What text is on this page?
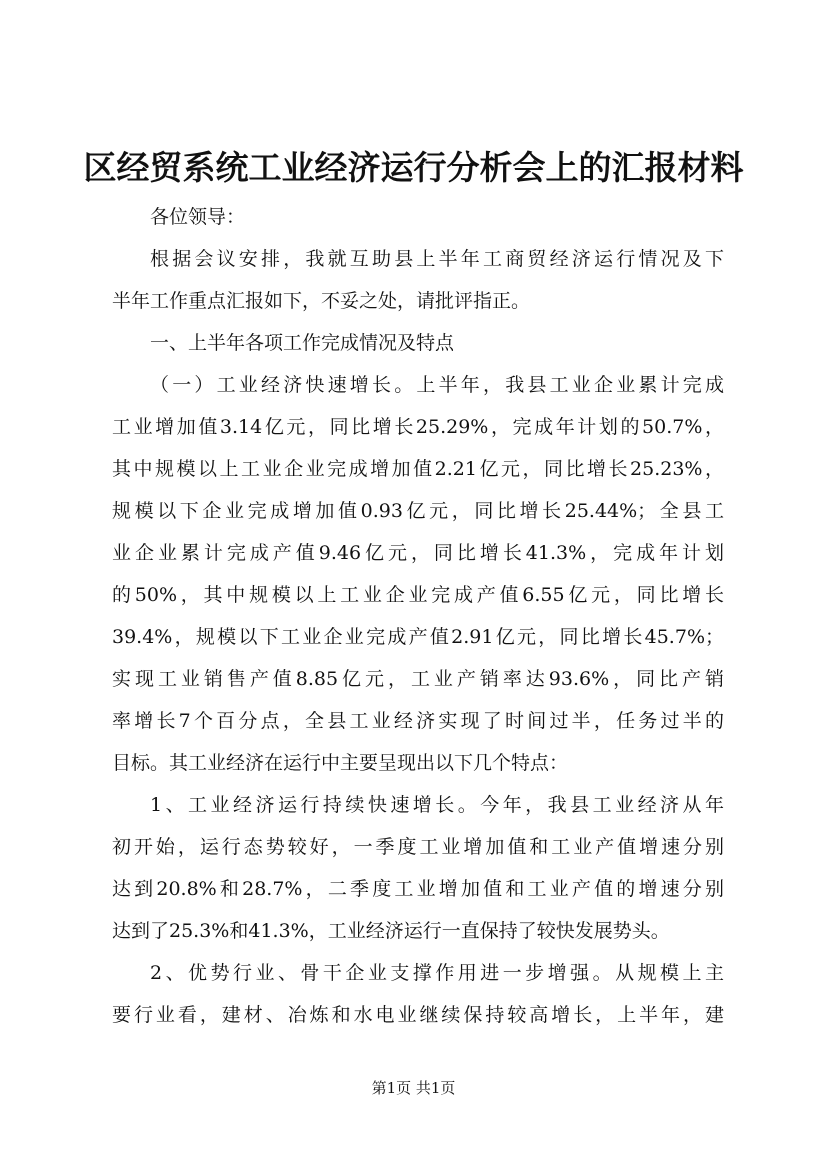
区经贸系统工业经济运行分析会上的汇报材料
各位领导：
根据会议安排，我就互助县上半年工商贸经济运行情况及下
半年工作重点汇报如下，不妥之处，请批评指正。
一、上半年各项工作完成情况及特点
（一）工业经济快速增长。上半年，我县工业企业累计完成
工业增加值3.14亿元，同比增长25.29%，完成年计划的50.7%，
其中规模以上工业企业完成增加值2.21亿元，同比增长25.23%，
规模以下企业完成增加值0.93亿元，同比增长25.44%；全县工
业企业累计完成产值9.46亿元，同比增长41.3%，完成年计划
的50%，其中规模以上工业企业完成产值6.55亿元，同比增长
39.4%，规模以下工业企业完成产值2.91亿元，同比增长45.7%；
实现工业销售产值8.85亿元，工业产销率达93.6%，同比产销
率增长7个百分点，全县工业经济实现了时间过半，任务过半的
目标。其工业经济在运行中主要呈现出以下几个特点：
1、工业经济运行持续快速增长。今年，我县工业经济从年
初开始，运行态势较好，一季度工业增加值和工业产值增速分别
达到20.8%和28.7%，二季度工业增加值和工业产值的增速分别
达到了25.3%和41.3%，工业经济运行一直保持了较快发展势头。
2、优势行业、骨干企业支撑作用进一步增强。从规模上主
要行业看，建材、冶炼和水电业继续保持较高增长，上半年，建
第1页 共1页
